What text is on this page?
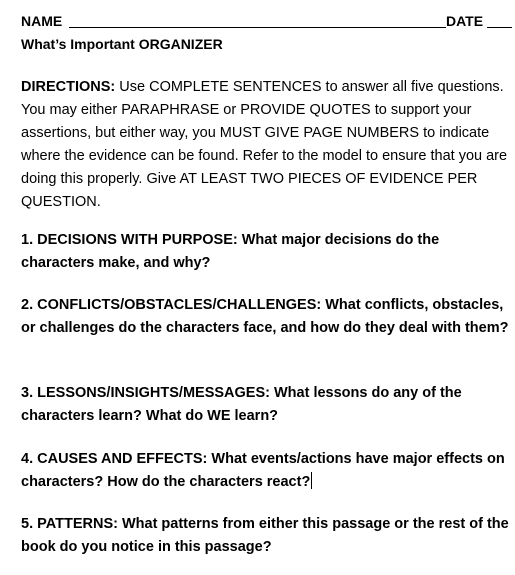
NAME	DATE
What’s Important ORGANIZER
DIRECTIONS: Use COMPLETE SENTENCES to answer all five questions. You may either PARAPHRASE or PROVIDE QUOTES to support your assertions, but either way, you MUST GIVE PAGE NUMBERS to indicate where the evidence can be found. Refer to the model to ensure that you are doing this properly. Give AT LEAST TWO PIECES OF EVIDENCE PER QUESTION.
1. DECISIONS WITH PURPOSE: What major decisions do the characters make, and why?
2. CONFLICTS/OBSTACLES/CHALLENGES: What conflicts, obstacles, or challenges do the characters face, and how do they deal with them?
3. LESSONS/INSIGHTS/MESSAGES: What lessons do any of the characters learn? What do WE learn?
4. CAUSES AND EFFECTS: What events/actions have major effects on characters? How do the characters react?
5. PATTERNS: What patterns from either this passage or the rest of the book do you notice in this passage?
